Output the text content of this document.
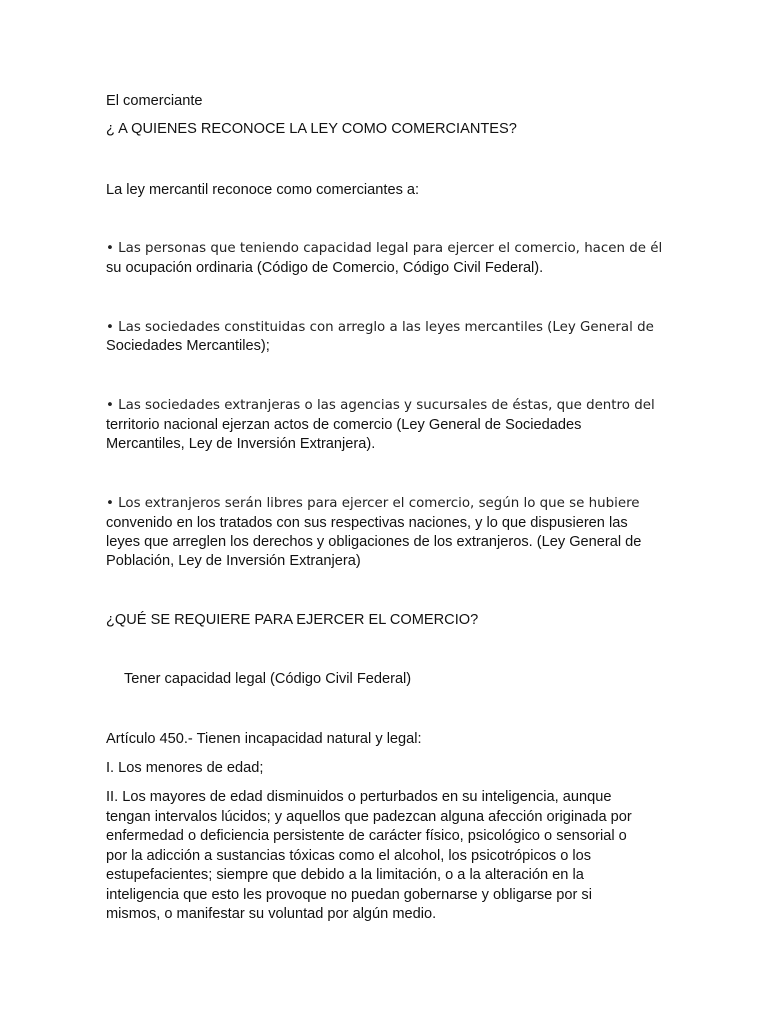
El comerciante
¿ A QUIENES RECONOCE LA LEY COMO COMERCIANTES?
La ley mercantil reconoce como comerciantes a:
• Las personas que teniendo capacidad legal para ejercer el comercio, hacen de él
su ocupación ordinaria (Código de Comercio, Código Civil Federal).
• Las sociedades constituidas con arreglo a las leyes mercantiles (Ley General de
Sociedades Mercantiles);
• Las sociedades extranjeras o las agencias y sucursales de éstas, que dentro del
territorio nacional ejerzan actos de comercio (Ley General de Sociedades
Mercantiles, Ley de Inversión Extranjera).
• Los extranjeros serán libres para ejercer el comercio, según lo que se hubiere
convenido en los tratados con sus respectivas naciones, y lo que dispusieren las
leyes que arreglen los derechos y obligaciones de los extranjeros. (Ley General de
Población, Ley de Inversión Extranjera)
¿QUÉ SE REQUIERE PARA EJERCER EL COMERCIO?
Tener capacidad legal (Código Civil Federal)
Artículo 450.- Tienen incapacidad natural y legal:
I. Los menores de edad;
II. Los mayores de edad disminuidos o perturbados en su inteligencia, aunque
tengan intervalos lúcidos; y aquellos que padezcan alguna afección originada por
enfermedad o deficiencia persistente de carácter físico, psicológico o sensorial o
por la adicción a sustancias tóxicas como el alcohol, los psicotrópicos o los
estupefacientes; siempre que debido a la limitación, o a la alteración en la
inteligencia que esto les provoque no puedan gobernarse y obligarse por si
mismos, o manifestar su voluntad por algún medio.
